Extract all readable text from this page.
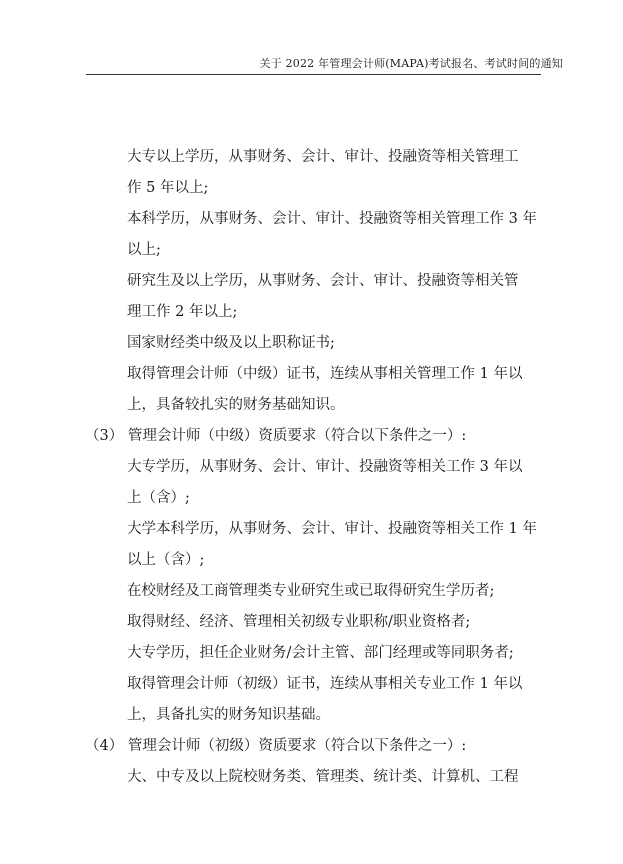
关于 2022 年管理会计师(MAPA)考试报名、考试时间的通知
大专以上学历，从事财务、会计、审计、投融资等相关管理工
作 5 年以上;
本科学历，从事财务、会计、审计、投融资等相关管理工作 3 年
以上;
研究生及以上学历，从事财务、会计、审计、投融资等相关管
理工作 2 年以上;
国家财经类中级及以上职称证书;
取得管理会计师（中级）证书，连续从事相关管理工作 1 年以
上，具备较扎实的财务基础知识。
（3） 管理会计师（中级）资质要求（符合以下条件之一）:
大专学历，从事财务、会计、审计、投融资等相关工作 3 年以
上（含）;
大学本科学历，从事财务、会计、审计、投融资等相关工作 1 年
以上（含）;
在校财经及工商管理类专业研究生或已取得研究生学历者;
取得财经、经济、管理相关初级专业职称/职业资格者;
大专学历，担任企业财务/会计主管、部门经理或等同职务者;
取得管理会计师（初级）证书，连续从事相关专业工作 1 年以
上，具备扎实的财务知识基础。
（4） 管理会计师（初级）资质要求（符合以下条件之一）:
大、中专及以上院校财务类、管理类、统计类、计算机、工程
